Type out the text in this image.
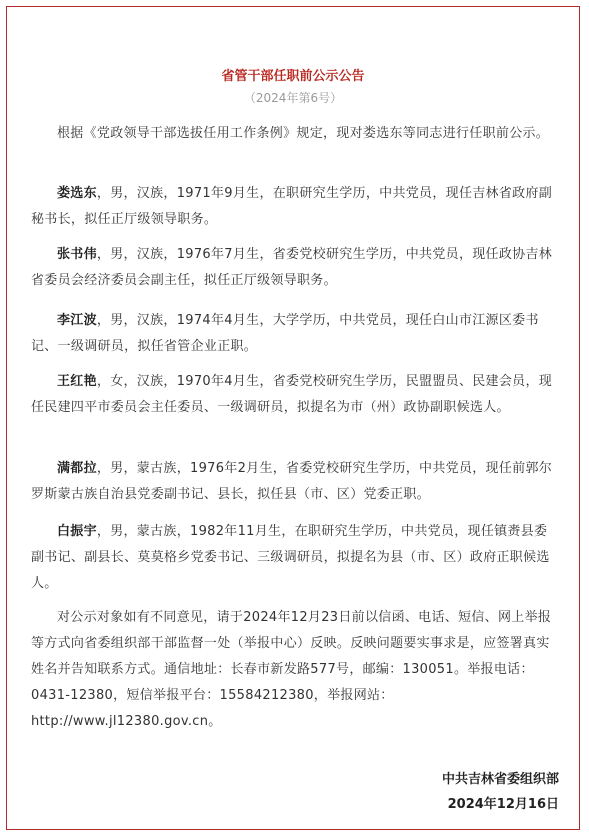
省管干部任职前公示公告
（2024年第6号）

根据《党政领导干部选拔任用工作条例》规定，现对娄选东等同志进行任职前公示。

娄选东，男，汉族，1971年9月生，在职研究生学历，中共党员，现任吉林省政府副秘书长，拟任正厅级领导职务。

张书伟，男，汉族，1976年7月生，省委党校研究生学历，中共党员，现任政协吉林省委员会经济委员会副主任，拟任正厅级领导职务。

李江波，男，汉族，1974年4月生，大学学历，中共党员，现任白山市江源区委书记、一级调研员，拟任省管企业正职。

王红艳，女，汉族，1970年4月生，省委党校研究生学历，民盟盟员、民建会员，现任民建四平市委员会主任委员、一级调研员，拟提名为市（州）政协副职候选人。

满都拉，男，蒙古族，1976年2月生，省委党校研究生学历，中共党员，现任前郭尔罗斯蒙古族自治县党委副书记、县长，拟任县（市、区）党委正职。

白振宇，男，蒙古族，1982年11月生，在职研究生学历，中共党员，现任镇赉县委副书记、副县长、莫莫格乡党委书记、三级调研员，拟提名为县（市、区）政府正职候选人。

对公示对象如有不同意见，请于2024年12月23日前以信函、电话、短信、网上举报等方式向省委组织部干部监督一处（举报中心）反映。反映问题要实事求是，应签署真实姓名并告知联系方式。通信地址：长春市新发路577号，邮编：130051。举报电话：0431-12380，短信举报平台：15584212380，举报网站：http://www.jl12380.gov.cn。

中共吉林省委组织部
2024年12月16日
